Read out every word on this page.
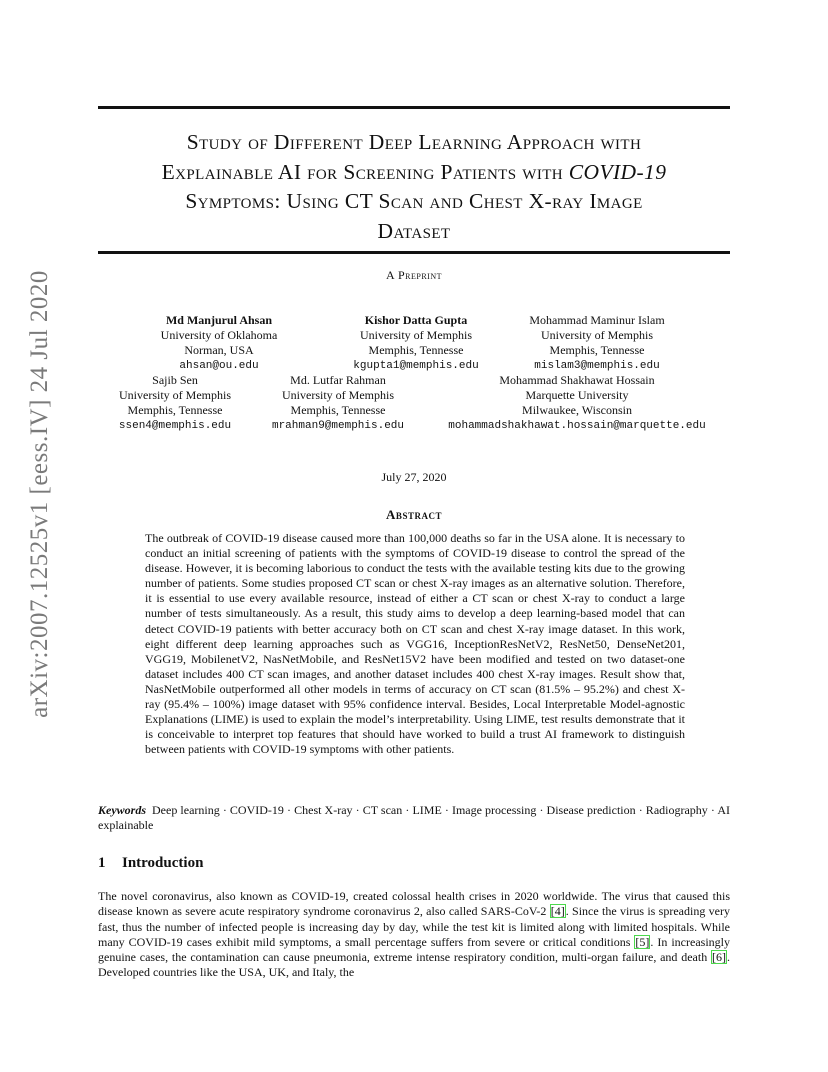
arXiv:2007.12525v1 [eess.IV] 24 Jul 2020
Study of Different Deep Learning Approach with
Explainable AI for Screening Patients with COVID-19
Symptoms: Using CT Scan and Chest X-ray Image
Dataset
A Preprint
Md Manjurul Ahsan
University of Oklahoma
Norman, USA
ahsan@ou.edu
Kishor Datta Gupta
University of Memphis
Memphis, Tennesse
kgupta1@memphis.edu
Mohammad Maminur Islam
University of Memphis
Memphis, Tennesse
mislam3@memphis.edu
Sajib Sen
University of Memphis
Memphis, Tennesse
ssen4@memphis.edu
Md. Lutfar Rahman
University of Memphis
Memphis, Tennesse
mrahman9@memphis.edu
Mohammad Shakhawat Hossain
Marquette University
Milwaukee, Wisconsin
mohammadshakhawat.hossain@marquette.edu
July 27, 2020
Abstract
The outbreak of COVID-19 disease caused more than 100,000 deaths so far in the USA alone. It is necessary to conduct an initial screening of patients with the symptoms of COVID-19 disease to control the spread of the disease. However, it is becoming laborious to conduct the tests with the available testing kits due to the growing number of patients. Some studies proposed CT scan or chest X-ray images as an alternative solution. Therefore, it is essential to use every available resource, instead of either a CT scan or chest X-ray to conduct a large number of tests simultaneously. As a result, this study aims to develop a deep learning-based model that can detect COVID-19 patients with better accuracy both on CT scan and chest X-ray image dataset. In this work, eight different deep learning approaches such as VGG16, InceptionResNetV2, ResNet50, DenseNet201, VGG19, MobilenetV2, NasNetMobile, and ResNet15V2 have been modified and tested on two dataset-one dataset includes 400 CT scan images, and another dataset includes 400 chest X-ray images. Result show that, NasNetMobile outperformed all other models in terms of accuracy on CT scan (81.5% – 95.2%) and chest X-ray (95.4% – 100%) image dataset with 95% confidence interval. Besides, Local Interpretable Model-agnostic Explanations (LIME) is used to explain the model’s interpretability. Using LIME, test results demonstrate that it is conceivable to interpret top features that should have worked to build a trust AI framework to distinguish between patients with COVID-19 symptoms with other patients.
Keywords Deep learning · COVID-19 · Chest X-ray · CT scan · LIME · Image processing · Disease prediction · Radiography · AI explainable
1 Introduction
The novel coronavirus, also known as COVID-19, created colossal health crises in 2020 worldwide. The virus that caused this disease known as severe acute respiratory syndrome coronavirus 2, also called SARS-CoV-2 [4]. Since the virus is spreading very fast, thus the number of infected people is increasing day by day, while the test kit is limited along with limited hospitals. While many COVID-19 cases exhibit mild symptoms, a small percentage suffers from severe or critical conditions [5]. In increasingly genuine cases, the contamination can cause pneumonia, extreme intense respiratory condition, multi-organ failure, and death [6]. Developed countries like the USA, UK, and Italy, the
